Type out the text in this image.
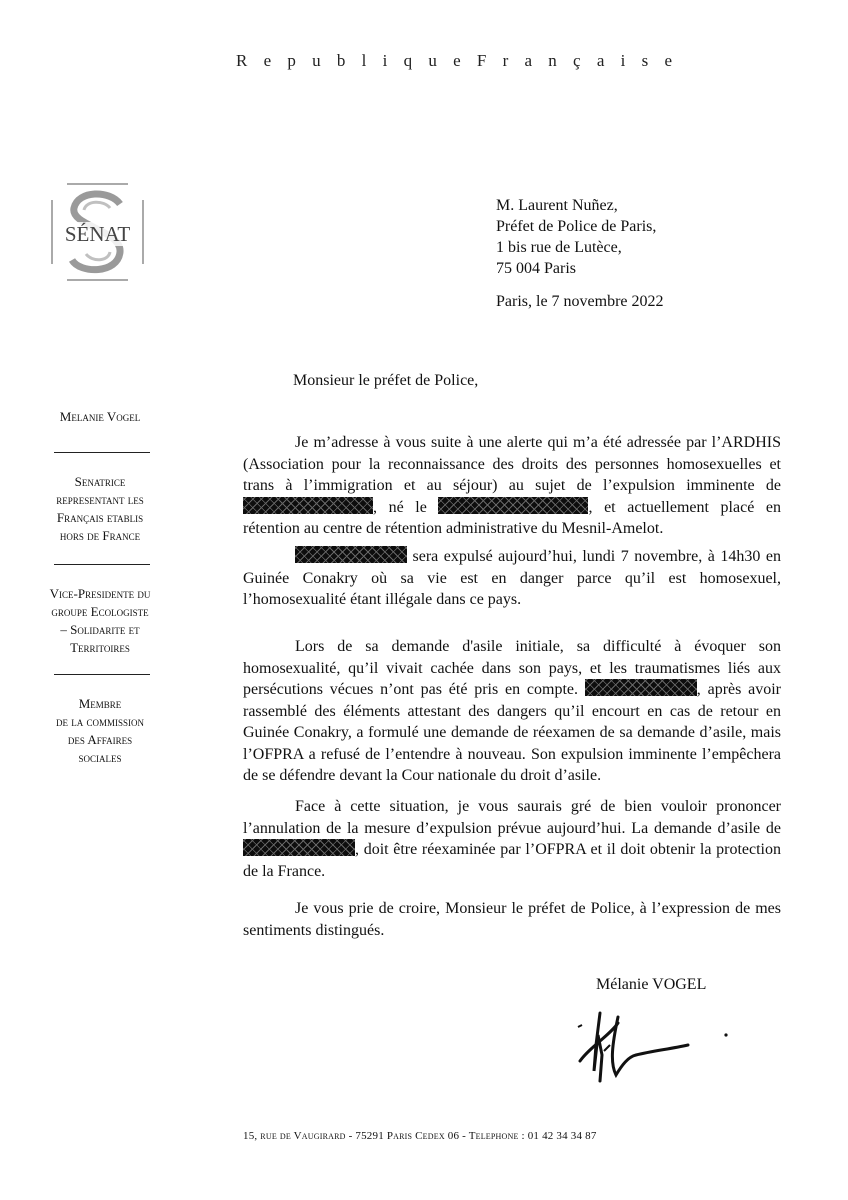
R e p u b l i q u e F r a n ç a i s e
SÉNAT
M. Laurent Nuñez,
Préfet de Police de Paris,
1 bis rue de Lutèce,
75 004 Paris
Paris, le 7 novembre 2022
Monsieur le préfet de Police,
Melanie Vogel
Senatrice
representant les
Français etablis
hors de France
Vice-Presidente du
groupe Ecologiste
– Solidarite et
Territoires
Membre
de la commission
des Affaires
sociales
Je m’adresse à vous suite à une alerte qui m’a été adressée par l’ARDHIS (Association pour la reconnaissance des droits des personnes homosexuelles et trans à l’immigration et au séjour) au sujet de l’expulsion imminente de , né le	, et actuellement placé en rétention au centre de rétention administrative du Mesnil-Amelot.
sera expulsé aujourd’hui, lundi 7 novembre, à 14h30 en Guinée Conakry où sa vie est en danger parce qu’il est homosexuel, l’homosexualité étant illégale dans ce pays.
Lors de sa demande d'asile initiale, sa difficulté à évoquer son homosexualité, qu’il vivait cachée dans son pays, et les traumatismes liés aux persécutions vécues n’ont pas été pris en compte.	, après avoir rassemblé des éléments attestant des dangers qu’il encourt en cas de retour en Guinée Conakry, a formulé une demande de réexamen de sa demande d’asile, mais l’OFPRA a refusé de l’entendre à nouveau. Son expulsion imminente l’empêchera de se défendre devant la Cour nationale du droit d’asile.
Face à cette situation, je vous saurais gré de bien vouloir prononcer l’annulation de la mesure d’expulsion prévue aujourd’hui. La demande d’asile de , doit être réexaminée par l’OFPRA et il doit obtenir la protection de la France.
Je vous prie de croire, Monsieur le préfet de Police, à l’expression de mes sentiments distingués.
Mélanie VOGEL
15, rue de Vaugirard - 75291 Paris Cedex 06 - Telephone : 01 42 34 34 87
